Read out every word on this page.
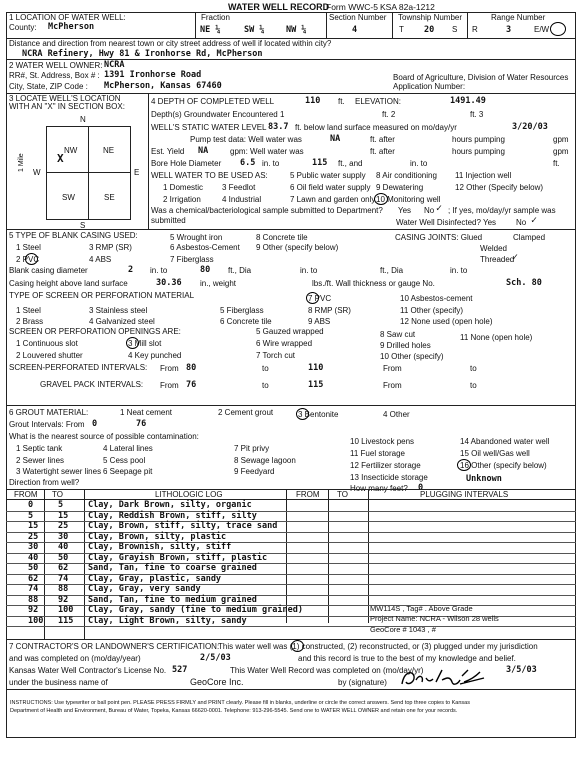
WATER WELL RECORD
Form WWC-5 KSA 82a-1212
1 LOCATION OF WATER WELL:
County: McPherson
Fraction
NE ¼	SW ¼	NW ¼
Section Number
4
Township Number
T 20 S
Range Number
R	3	E/W
Distance and direction from nearest town or city street address of well if located within city?
NCRA Refinery, Hwy 81 & Ironhorse Rd, McPherson
2 WATER WELL OWNER: NCRA
RR#, St. Address, Box # : 1391 Ironhorse Road
City, State, ZIP Code : McPherson, Kansas 67460
Board of Agriculture, Division of Water Resources
Application Number:
3 LOCATE WELL'S LOCATION WITH AN "X" IN SECTION BOX:
N
S
W	E
NW	NE
SW	SE
X
1 Mile
4 DEPTH OF COMPLETED WELL	110 ft. ELEVATION:	1491.49
Depth(s) Groundwater Encountered 1	ft. 2	ft. 3
WELL'S STATIC WATER LEVEL 83.7 ft. below land surface measured on mo/day/yr	3/20/03
Pump test data: Well water was	NA	ft. after	hours pumping	gpm
Est. Yield NA	gpm: Well water was	ft. after	hours pumping	gpm
Bore Hole Diameter 6.5 in. to	115 ft., and	in. to	ft.
WELL WATER TO BE USED AS:	5 Public water supply 8 Air conditioning 11 Injection well
1 Domestic 3 Feedlot	6 Oil field water supply 9 Dewatering	12 Other (Specify below)
2 Irrigation	4 Industrial	7 Lawn and garden only 10 Monitoring well
Was a chemical/bacteriological sample submitted to Department? Yes No ✓ ; If yes, mo/day/yr sample was
submitted	Water Well Disinfected? Yes No ✓
5 TYPE OF BLANK CASING USED:
1 Steel	3 RMP (SR)
5 Wrought iron	8 Concrete tile
2 PVC	4 ABS
6 Asbestos-Cement 9 Other (specify below)
7 Fiberglass
CASING JOINTS: Glued	Clamped
Welded
Threaded
✓
Blank casing diameter	2 in. to	80 ft., Dia	in. to	ft., Dia	in. to
Casing height above land surface	30.36 in., weight	lbs./ft. Wall thickness or gauge No.	Sch. 80
TYPE OF SCREEN OR PERFORATION MATERIAL	7 PVC	10 Asbestos-cement
1 Steel	3 Stainless steel	5 Fiberglass	8 RMP (SR)	11 Other (specify)
2 Brass	4 Galvanized steel	6 Concrete tile	9 ABS	12 None used (open hole)
SCREEN OR PERFORATION OPENINGS ARE:	5 Gauzed wrapped	8 Saw cut	11 None (open hole)
1 Continuous slot	3 Mill slot	6 Wire wrapped	9 Drilled holes
2 Louvered shutter	4 Key punched	7 Torch cut	10 Other (specify)
SCREEN-PERFORATED INTERVALS: From 80	to	110	From	to
GRAVEL PACK INTERVALS: From 76	to	115	From	to
6 GROUT MATERIAL:	1 Neat cement	2 Cement grout	3 Bentonite	4 Other
Grout Intervals: From 0	76
What is the nearest source of possible contamination:
1 Septic tank	4 Lateral lines	7 Pit privy
10 Livestock pens	14 Abandoned water well
2 Sewer lines	5 Cess pool	8 Sewage lagoon
11 Fuel storage	15 Oil well/Gas well
3 Watertight sewer lines 6 Seepage pit	9 Feedyard
12 Fertilizer storage	16 Other (specify below)
13 Insecticide storage	Unknown
Direction from well?
How many feet? 0
FROM TO	LITHOLOGIC LOG	FROM TO	PLUGGING INTERVALS
0	5	Clay, Dark Brown, silty, organic
5	15 Clay, Reddish Brown, stiff, silty
15 25 Clay, Brown, stiff, silty, trace sand
25 30 Clay, Brown, silty, plastic
30 40 Clay, Brownish, silty, stiff
40 50 Clay, Grayish Brown, stiff, plastic
50 62 Sand, Tan, fine to coarse grained
62 74 Clay, Gray, plastic, sandy
74 88 Clay, Gray, very sandy
88 92 Sand, Tan, fine to medium grained
92 100 Clay, Gray, sandy (fine to medium grained)
100 115 Clay, Light Brown, silty, sandy
MW114S , Tag# . Above Grade
Project Name: NCRA - Wilson 28 wells
GeoCore # 1043 , #
7 CONTRACTOR'S OR LANDOWNER'S CERTIFICATION:
This water well was (1) constructed, (2) reconstructed, or (3) plugged under my jurisdiction
and was completed on (mo/day/year)	2/5/03	and this record is true to the best of my knowledge and belief.
Kansas Water Well Contractor's License No. 527	This Water Well Record was completed on (mo/day/yr)	3/5/03
under the business name of	GeoCore Inc.	by (signature)
INSTRUCTIONS: Use typewriter or ball point pen. PLEASE PRESS FIRMLY and PRINT clearly. Please fill in blanks, underline or circle the correct answers. Send top three copies to Kansas
Department of Health and Environment, Bureau of Water, Topeka, Kansas 66620-0001. Telephone: 913-296-5545. Send one to WATER WELL OWNER and retain one for your records.
